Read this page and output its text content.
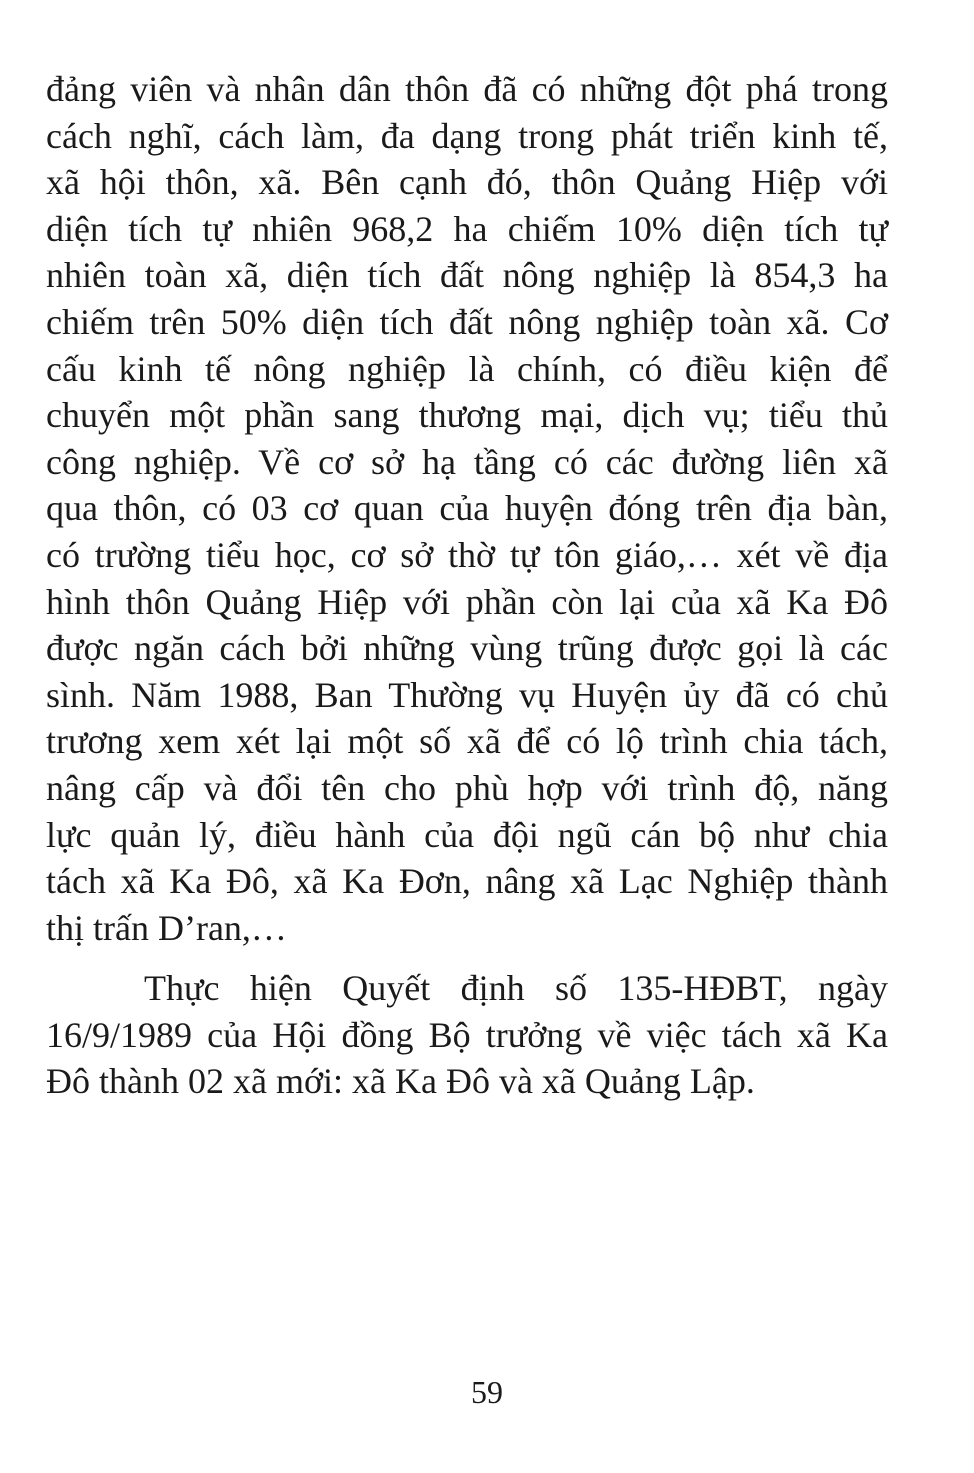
đảng viên và nhân dân thôn đã có những đột phá trong
cách nghĩ, cách làm, đa dạng trong phát triển kinh tế,
xã hội thôn, xã. Bên cạnh đó, thôn Quảng Hiệp với
diện tích tự nhiên 968,2 ha chiếm 10% diện tích tự
nhiên toàn xã, diện tích đất nông nghiệp là 854,3 ha
chiếm trên 50% diện tích đất nông nghiệp toàn xã. Cơ
cấu kinh tế nông nghiệp là chính, có điều kiện để
chuyển một phần sang thương mại, dịch vụ; tiểu thủ
công nghiệp. Về cơ sở hạ tầng có các đường liên xã
qua thôn, có 03 cơ quan của huyện đóng trên địa bàn,
có trường tiểu học, cơ sở thờ tự tôn giáo,… xét về địa
hình thôn Quảng Hiệp với phần còn lại của xã Ka Đô
được ngăn cách bởi những vùng trũng được gọi là các
sình. Năm 1988, Ban Thường vụ Huyện ủy đã có chủ
trương xem xét lại một số xã để có lộ trình chia tách,
nâng cấp và đổi tên cho phù hợp với trình độ, năng
lực quản lý, điều hành của đội ngũ cán bộ như chia
tách xã Ka Đô, xã Ka Đơn, nâng xã Lạc Nghiệp thành
thị trấn D’ran,…
Thực hiện Quyết định số 135-HĐBT, ngày
16/9/1989 của Hội đồng Bộ trưởng về việc tách xã Ka
Đô thành 02 xã mới: xã Ka Đô và xã Quảng Lập.
59
